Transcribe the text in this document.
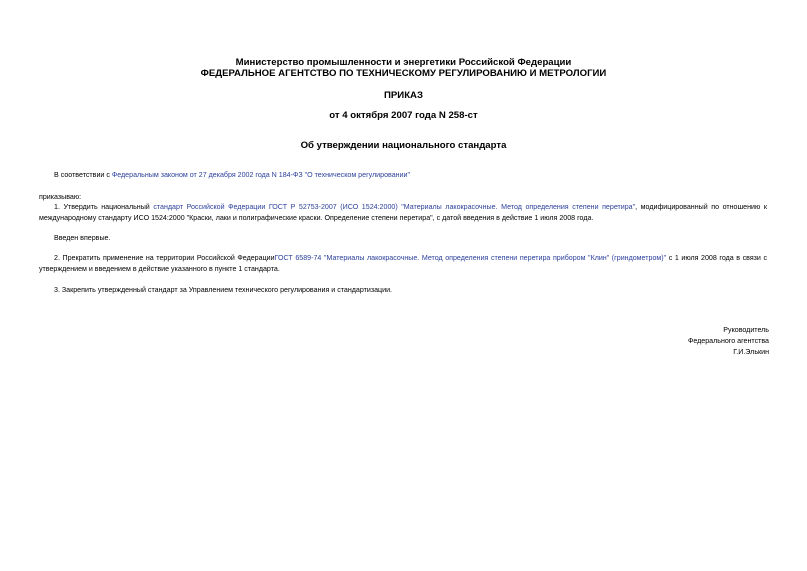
Министерство промышленности и энергетики Российской Федерации
ФЕДЕРАЛЬНОЕ АГЕНТСТВО ПО ТЕХНИЧЕСКОМУ РЕГУЛИРОВАНИЮ И МЕТРОЛОГИИ
ПРИКАЗ
от 4 октября 2007 года N 258-ст
Об утверждении национального стандарта
В соответствии с Федеральным законом от 27 декабря 2002 года N 184-ФЗ "О техническом регулировании"
приказываю:
1. Утвердить национальный стандарт Российской Федерации ГОСТ Р 52753-2007 (ИСО 1524:2000) "Материалы лакокрасочные. Метод определения степени перетира", модифицированный по отношению к международному стандарту ИСО 1524:2000 "Краски, лаки и полиграфические краски. Определение степени перетира", с датой введения в действие 1 июля 2008 года.
Введен впервые.
2. Прекратить применение на территории Российской ФедерацииГОСТ 6589-74 "Материалы лакокрасочные. Метод определения степени перетира прибором "Клин" (гриндометром)" с 1 июля 2008 года в связи с утверждением и введением в действие указанного в пункте 1 стандарта.
3. Закрепить утвержденный стандарт за Управлением технического регулирования и стандартизации.
Руководитель
Федерального агентства
Г.И.Элькин
